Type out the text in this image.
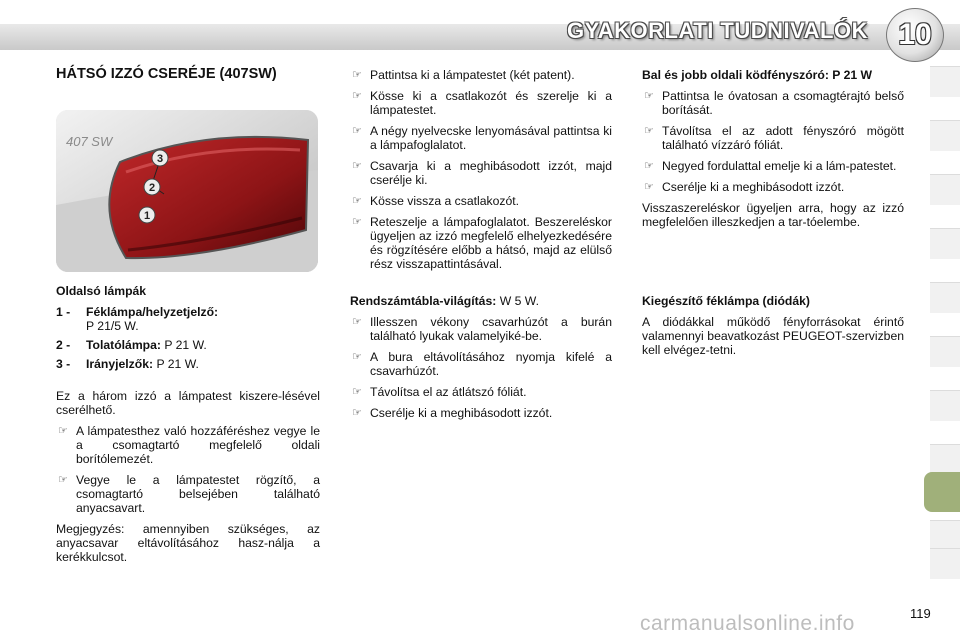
GYAKORLATI TUDNIVALÓK	10

HÁTSÓ IZZÓ CSERÉJE (407SW)

407 SW
3
2
1

Oldalsó lámpák

1 - Féklámpa/helyzetjelző:
P 21/5 W.
2 - Tolatólámpa: P 21 W.
3 - Irányjelzők: P 21 W.

Ez a három izzó a lámpatest kiszere-lésével cserélhető.

☞ A lámpatesthez való hozzáféréshez vegye le a csomagtartó megfelelő oldali borítólemezét.
☞ Vegye le a lámpatestet rögzítő, a csomagtartó belsejében található anyacsavart.

Megjegyzés: amennyiben szükséges, az anyacsavar eltávolításához hasz-nálja a kerékkulcsot.

☞ Pattintsa ki a lámpatestet (két patent).
☞ Kösse ki a csatlakozót és szerelje ki a lámpatestet.
☞ A négy nyelvecske lenyomásával pattintsa ki a lámpafoglalatot.
☞ Csavarja ki a meghibásodott izzót, majd cserélje ki.
☞ Kösse vissza a csatlakozót.
☞ Reteszelje a lámpafoglalatot. Beszereléskor ügyeljen az izzó megfelelő elhelyezkedésére és rögzítésére előbb a hátsó, majd az elülső rész visszapattintásával.

Rendszámtábla-világítás: W 5 W.

☞ Illesszen vékony csavarhúzót a burán található lyukak valamelyiké-be.
☞ A bura eltávolításához nyomja kifelé a csavarhúzót.
☞ Távolítsa el az átlátszó fóliát.
☞ Cserélje ki a meghibásodott izzót.

Bal és jobb oldali ködfényszóró: P 21 W

☞ Pattintsa le óvatosan a csomagtérajtó belső borítását.
☞ Távolítsa el az adott fényszóró mögött található vízzáró fóliát.
☞ Negyed fordulattal emelje ki a lám-patestet.
☞ Cserélje ki a meghibásodott izzót.

Visszaszereléskor ügyeljen arra, hogy az izzó megfelelően illeszkedjen a tar-tóelembe.

Kiegészítő féklámpa (diódák)

A diódákkal működő fényforrásokat érintő valamennyi beavatkozást PEUGEOT-szervizben kell elvégez-tetni.

carmanualsonline.info	119
